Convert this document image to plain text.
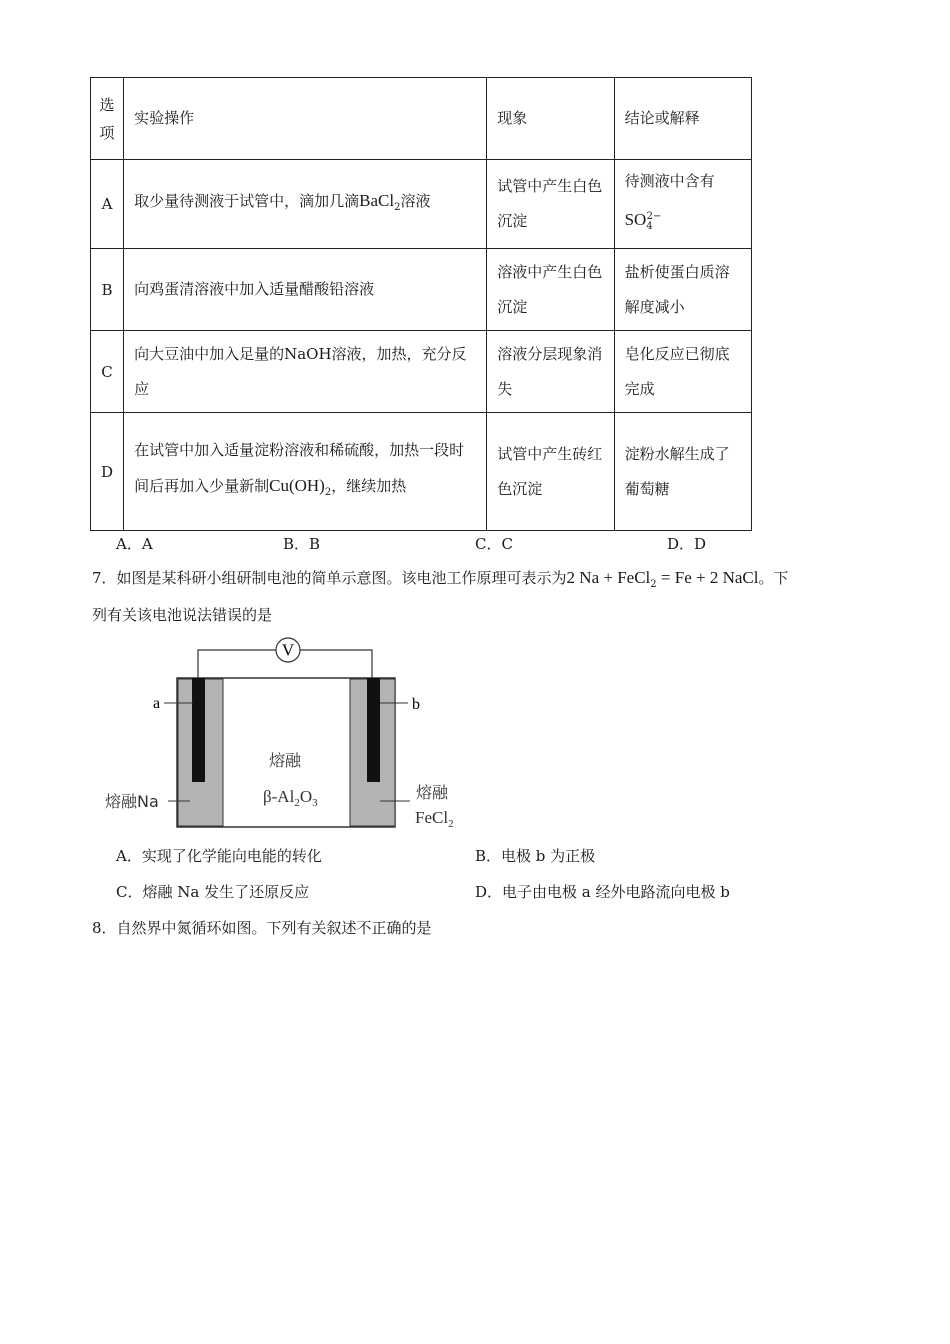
选项	实验操作	现象	结论或解释
A	取少量待测液于试管中，滴加几滴BaCl$_2$溶液	试管中产生白色沉淀	待测液中含有
$SO_4^{2-}$
B	向鸡蛋清溶液中加入适量醋酸铅溶液	溶液中产生白色沉淀	盐析使蛋白质溶解度减小
C	向大豆油中加入足量的NaOH溶液，加热，充分反应	溶液分层现象消失	皂化反应已彻底完成
D	在试管中加入适量淀粉溶液和稀硫酸，加热一段时间后再加入少量新制$Cu(OH)_2$，继续加热	试管中产生砖红色沉淀	淀粉水解生成了葡萄糖
A．A	B．B	C．C	D．D
7．如图是某科研小组研制电池的简单示意图。该电池工作原理可表示为2 Na + FeCl$_2$ = Fe + 2 NaCl。下
列有关该电池说法错误的是
V
a	b
熔融Na
熔融
$\beta-Al_2O_3$
熔融
FeCl$_2$
A．实现了化学能向电能的转化	B．电极 b 为正极
C．熔融 Na 发生了还原反应	D．电子由电极 a 经外电路流向电极 b
8．自然界中氮循环如图。下列有关叙述不正确的是
